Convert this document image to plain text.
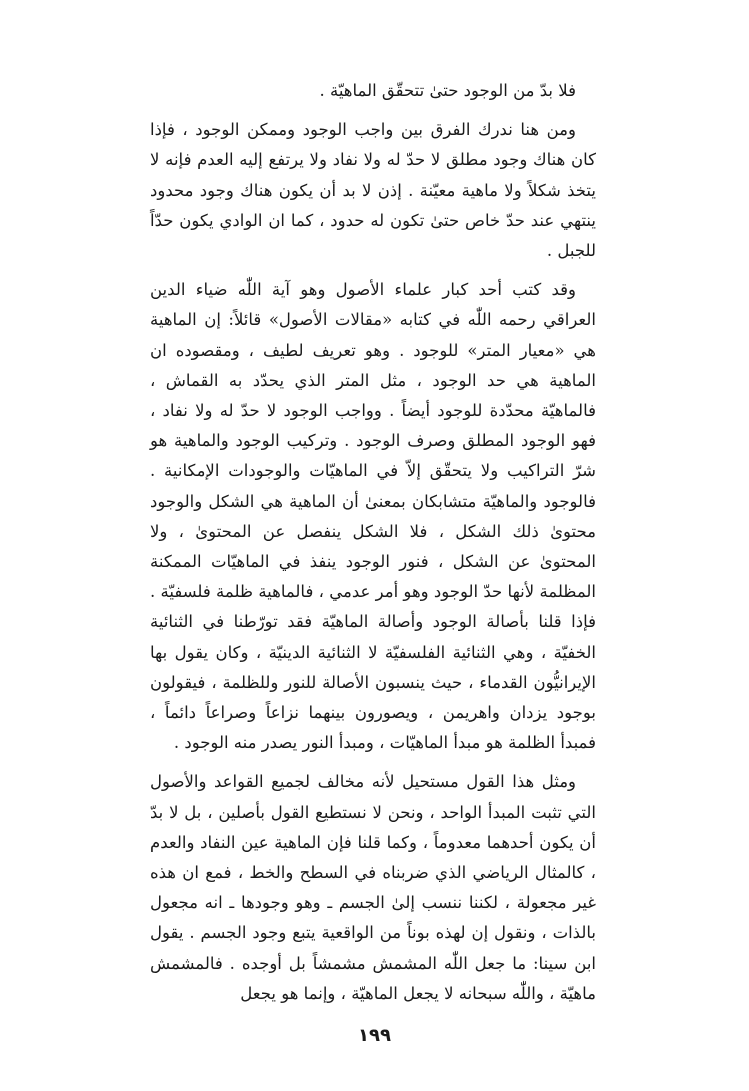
فلا بدّ من الوجود حتىٰ تتحقّق الماهيّة .

ومن هنا ندرك الفرق بين واجب الوجود وممكن الوجود ، فإذا كان هناك وجود مطلق لا حدّ له ولا نفاد ولا يرتفع إليه العدم فإنه لا يتخذ شكلاً ولا ماهية معيّنة . إذن لا بد أن يكون هناك وجود محدود ينتهي عند حدّ خاص حتىٰ تكون له حدود ، كما ان الوادي يكون حدّاً للجبل .

وقد كتب أحد كبار علماء الأصول وهو آية اللّٰه ضياء الدين العراقي رحمه اللّٰه في كتابه «مقالات الأصول» قائلاً: إن الماهية هي «معيار المتر» للوجود . وهو تعريف لطيف ، ومقصوده ان الماهية هي حد الوجود ، مثل المتر الذي يحدّد به القماش ، فالماهيّة محدّدة للوجود أيضاً . وواجب الوجود لا حدّ له ولا نفاد ، فهو الوجود المطلق وصرف الوجود . وتركيب الوجود والماهية هو شرّ التراكيب ولا يتحقّق إلاّ في الماهيّات والوجودات الإمكانية . فالوجود والماهيّة متشابكان بمعنىٰ أن الماهية هي الشكل والوجود محتوىٰ ذلك الشكل ، فلا الشكل ينفصل عن المحتوىٰ ، ولا المحتوىٰ عن الشكل ، فنور الوجود ينفذ في الماهيّات الممكنة المظلمة لأنها حدّ الوجود وهو أمر عدمي ، فالماهية ظلمة فلسفيّة . فإذا قلنا بأصالة الوجود وأصالة الماهيّة فقد تورّطنا في الثنائية الخفيّة ، وهي الثنائية الفلسفيّة لا الثنائية الدينيّة ، وكان يقول بها الإيرانيُّون القدماء ، حيث ينسبون الأصالة للنور وللظلمة ، فيقولون بوجود يزدان واهريمن ، ويصورون بينهما نزاعاً وصراعاً دائماً ، فمبدأ الظلمة هو مبدأ الماهيّات ، ومبدأ النور يصدر منه الوجود .

ومثل هذا القول مستحيل لأنه مخالف لجميع القواعد والأصول التي تثبت المبدأ الواحد ، ونحن لا نستطيع القول بأصلين ، بل لا بدّ أن يكون أحدهما معدوماً ، وكما قلنا فإن الماهية عين النفاد والعدم ، كالمثال الرياضي الذي ضربناه في السطح والخط ، فمع ان هذه غير مجعولة ، لكننا ننسب إلىٰ الجسم ـ وهو وجودها ـ انه مجعول بالذات ، ونقول إن لهذه بوناً من الواقعية يتبع وجود الجسم . يقول ابن سينا: ما جعل اللّٰه المشمش مشمشاً بل أوجده . فالمشمش ماهيّة ، واللّٰه سبحانه لا يجعل الماهيّة ، وإنما هو يجعل

١٩٩
